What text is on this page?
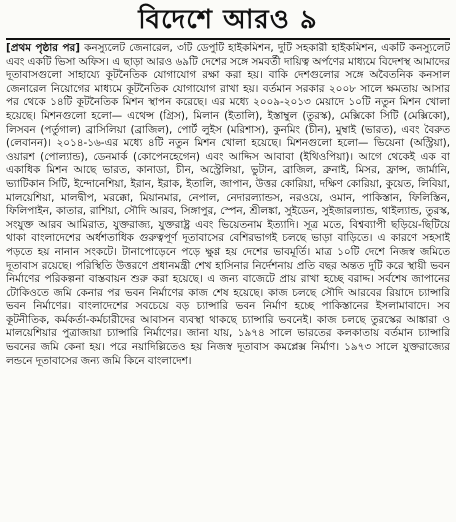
বিদেশে আরও ৯

[প্রথম পৃষ্ঠার পর] কনস্যুলেট জেনারেল, ৩টি ডেপুটি হাইকমিশন, দুটি সহকারী হাইকমিশন, একটি কনস্যুলেট এবং একটি ভিসা অফিস। এ ছাড়া আরও ৬৯টি দেশের সঙ্গে সমবর্তী দায়িত্ব অর্পণের মাধ্যমে বিদেশস্থ আমাদের দূতাবাসগুলো সাহায্যে কূটনৈতিক যোগাযোগ রক্ষা করা হয়। বাকি দেশগুলোর সঙ্গে অবৈতনিক কনসাল জেনারেল নিয়োগের মাধ্যমে কূটনৈতিক যোগাযোগ রাখা হয়। বর্তমান সরকার ২০০৮ সালে ক্ষমতায় আসার পর থেকে ১৪টি কূটনৈতিক মিশন স্থাপন করেছে। এর মধ্যে ২০০৯-২০১৩ মেয়াদে ১০টি নতুন মিশন খোলা হয়েছে। মিশনগুলো হলো— এথেন্স (গ্রিস), মিলান (ইতালি), ইস্তাম্বুল (তুরস্ক), মেক্সিকো সিটি (মেক্সিকো), লিসবন (পর্তুগাল) ব্রাসিলিয়া (ব্রাজিল), পোর্ট লুইস (মরিশাস), কুনমিং (চীন), মুম্বাই (ভারত), এবং বৈরুত (লেবানন)। ২০১৪-১৬-এর মধ্যে ৪টি নতুন মিশন খোলা হয়েছে। মিশনগুলো হলো— ভিয়েনা (অস্ট্রিয়া), ওয়ারশ (পোল্যান্ড), ডেনমার্ক (কোপেনহেগেন) এবং আদ্দিস আবাবা (ইথিওপিয়া)। আগে থেকেই এক বা একাধিক মিশন আছে ভারত, কানাডা, চীন, অস্ট্রেলিয়া, ভুটান, ব্রাজিল, ব্রুনাই, মিসর, ফ্রান্স, জার্মানি, ভ্যাটিকান সিটি, ইন্দোনেশিয়া, ইরান, ইরাক, ইতালি, জাপান, উত্তর কোরিয়া, দক্ষিণ কোরিয়া, কুয়েত, লিবিয়া, মালয়েশিয়া, মালদ্বীপ, মরক্কো, মিয়ানমার, নেপাল, নেদারল্যান্ডস, নরওয়ে, ওমান, পাকিস্তান, ফিলিস্তিন, ফিলিপাইন, কাতার, রাশিয়া, সৌদি আরব, সিঙ্গাপুর, স্পেন, শ্রীলঙ্কা, সুইডেন, সুইজারল্যান্ড, থাইল্যান্ড, তুরস্ক, সংযুক্ত আরব আমিরাত, যুক্তরাজ্য, যুক্তরাষ্ট্র এবং ভিয়েতনাম ইত্যাদি। সূত্র মতে, বিশ্বব্যাপী ছড়িয়ে-ছিটিয়ে থাকা বাংলাদেশের অর্ধশতাধিক গুরুত্বপূর্ণ দূতাবাসের বেশিরভাগই চলছে ভাড়া বাড়িতে। এ কারণে সহসাই পড়তে হয় নানান সংকটে। টানাপোড়েনে পড়ে ক্ষুণ্ণ হয় দেশের ভাবমূর্তি। মাত্র ১০টি দেশে নিজস্ব জমিতে দূতাবাস রয়েছে। পরিস্থিতি উত্তরণে প্রধানমন্ত্রী শেখ হাসিনার নির্দেশনায় প্রতি বছর অন্তত দুটি করে স্থায়ী ভবন নির্মাণের পরিকল্পনা বাস্তবায়ন শুরু করা হয়েছে। এ জন্য বাজেটে প্রায় রাখা হচ্ছে বরাদ্দ। সর্বশেষ জাপানের টোকিওতে জমি কেনার পর ভবন নির্মাণের কাজ শেষ হয়েছে। কাজ চলছে সৌদি আরবের রিয়াদে চ্যান্সারি ভবন নির্মাণের। বাংলাদেশের সবচেয়ে বড় চ্যান্সারি ভবন নির্মাণ হচ্ছে পাকিস্তানের ইসলামাবাদে। সব কূটনীতিক, কর্মকর্তা-কর্মচারীদের আবাসন ব্যবস্থা থাকছে চ্যান্সারি ভবনেই। কাজ চলছে তুরস্কের আঙ্কারা ও মালয়েশিয়ার পুত্রাজায়া চ্যান্সারি নির্মাণের। জানা যায়, ১৯৭৪ সালে ভারতের কলকাতায় বর্তমান চ্যান্সারি ভবনের জমি কেনা হয়। পরে নয়াদিল্লিতেও হয় নিজস্ব দূতাবাস কমপ্লেক্স নির্মাণ। ১৯৭৩ সালে যুক্তরাজ্যের লন্ডনে দূতাবাসের জন্য জমি কিনে বাংলাদেশ।
